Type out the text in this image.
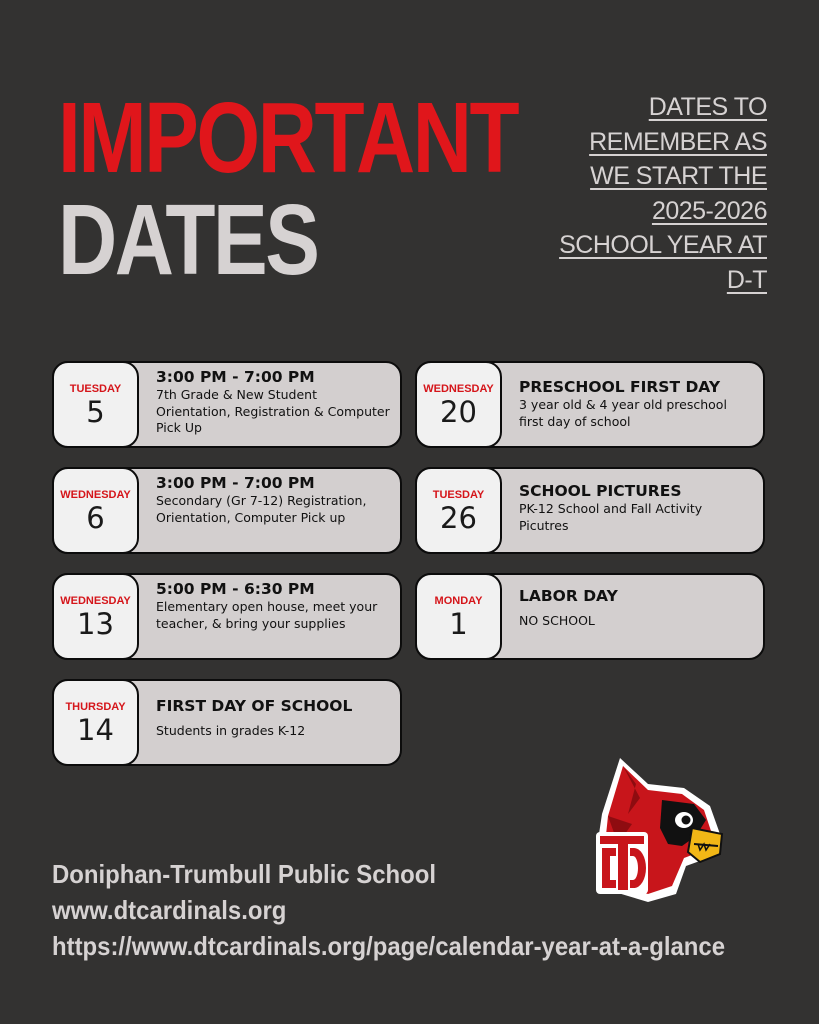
IMPORTANT
DATES
DATES TO
REMEMBER AS
WE START THE
2025-2026
SCHOOL YEAR AT
D-T
TUESDAY
5
3:00 PM - 7:00 PM
7th Grade & New Student Orientation, Registration & Computer Pick Up
WEDNESDAY
6
3:00 PM - 7:00 PM
Secondary (Gr 7-12) Registration, Orientation, Computer Pick up
WEDNESDAY
13
5:00 PM - 6:30 PM
Elementary open house, meet your teacher, & bring your supplies
THURSDAY
14
FIRST DAY OF SCHOOL
Students in grades K-12
WEDNESDAY
20
PRESCHOOL FIRST DAY
3 year old & 4 year old preschool first day of school
TUESDAY
26
SCHOOL PICTURES
PK-12 School and Fall Activity Picutres
MONDAY
1
LABOR DAY
NO SCHOOL
Doniphan-Trumbull Public School
www.dtcardinals.org
https://www.dtcardinals.org/page/calendar-year-at-a-glance
